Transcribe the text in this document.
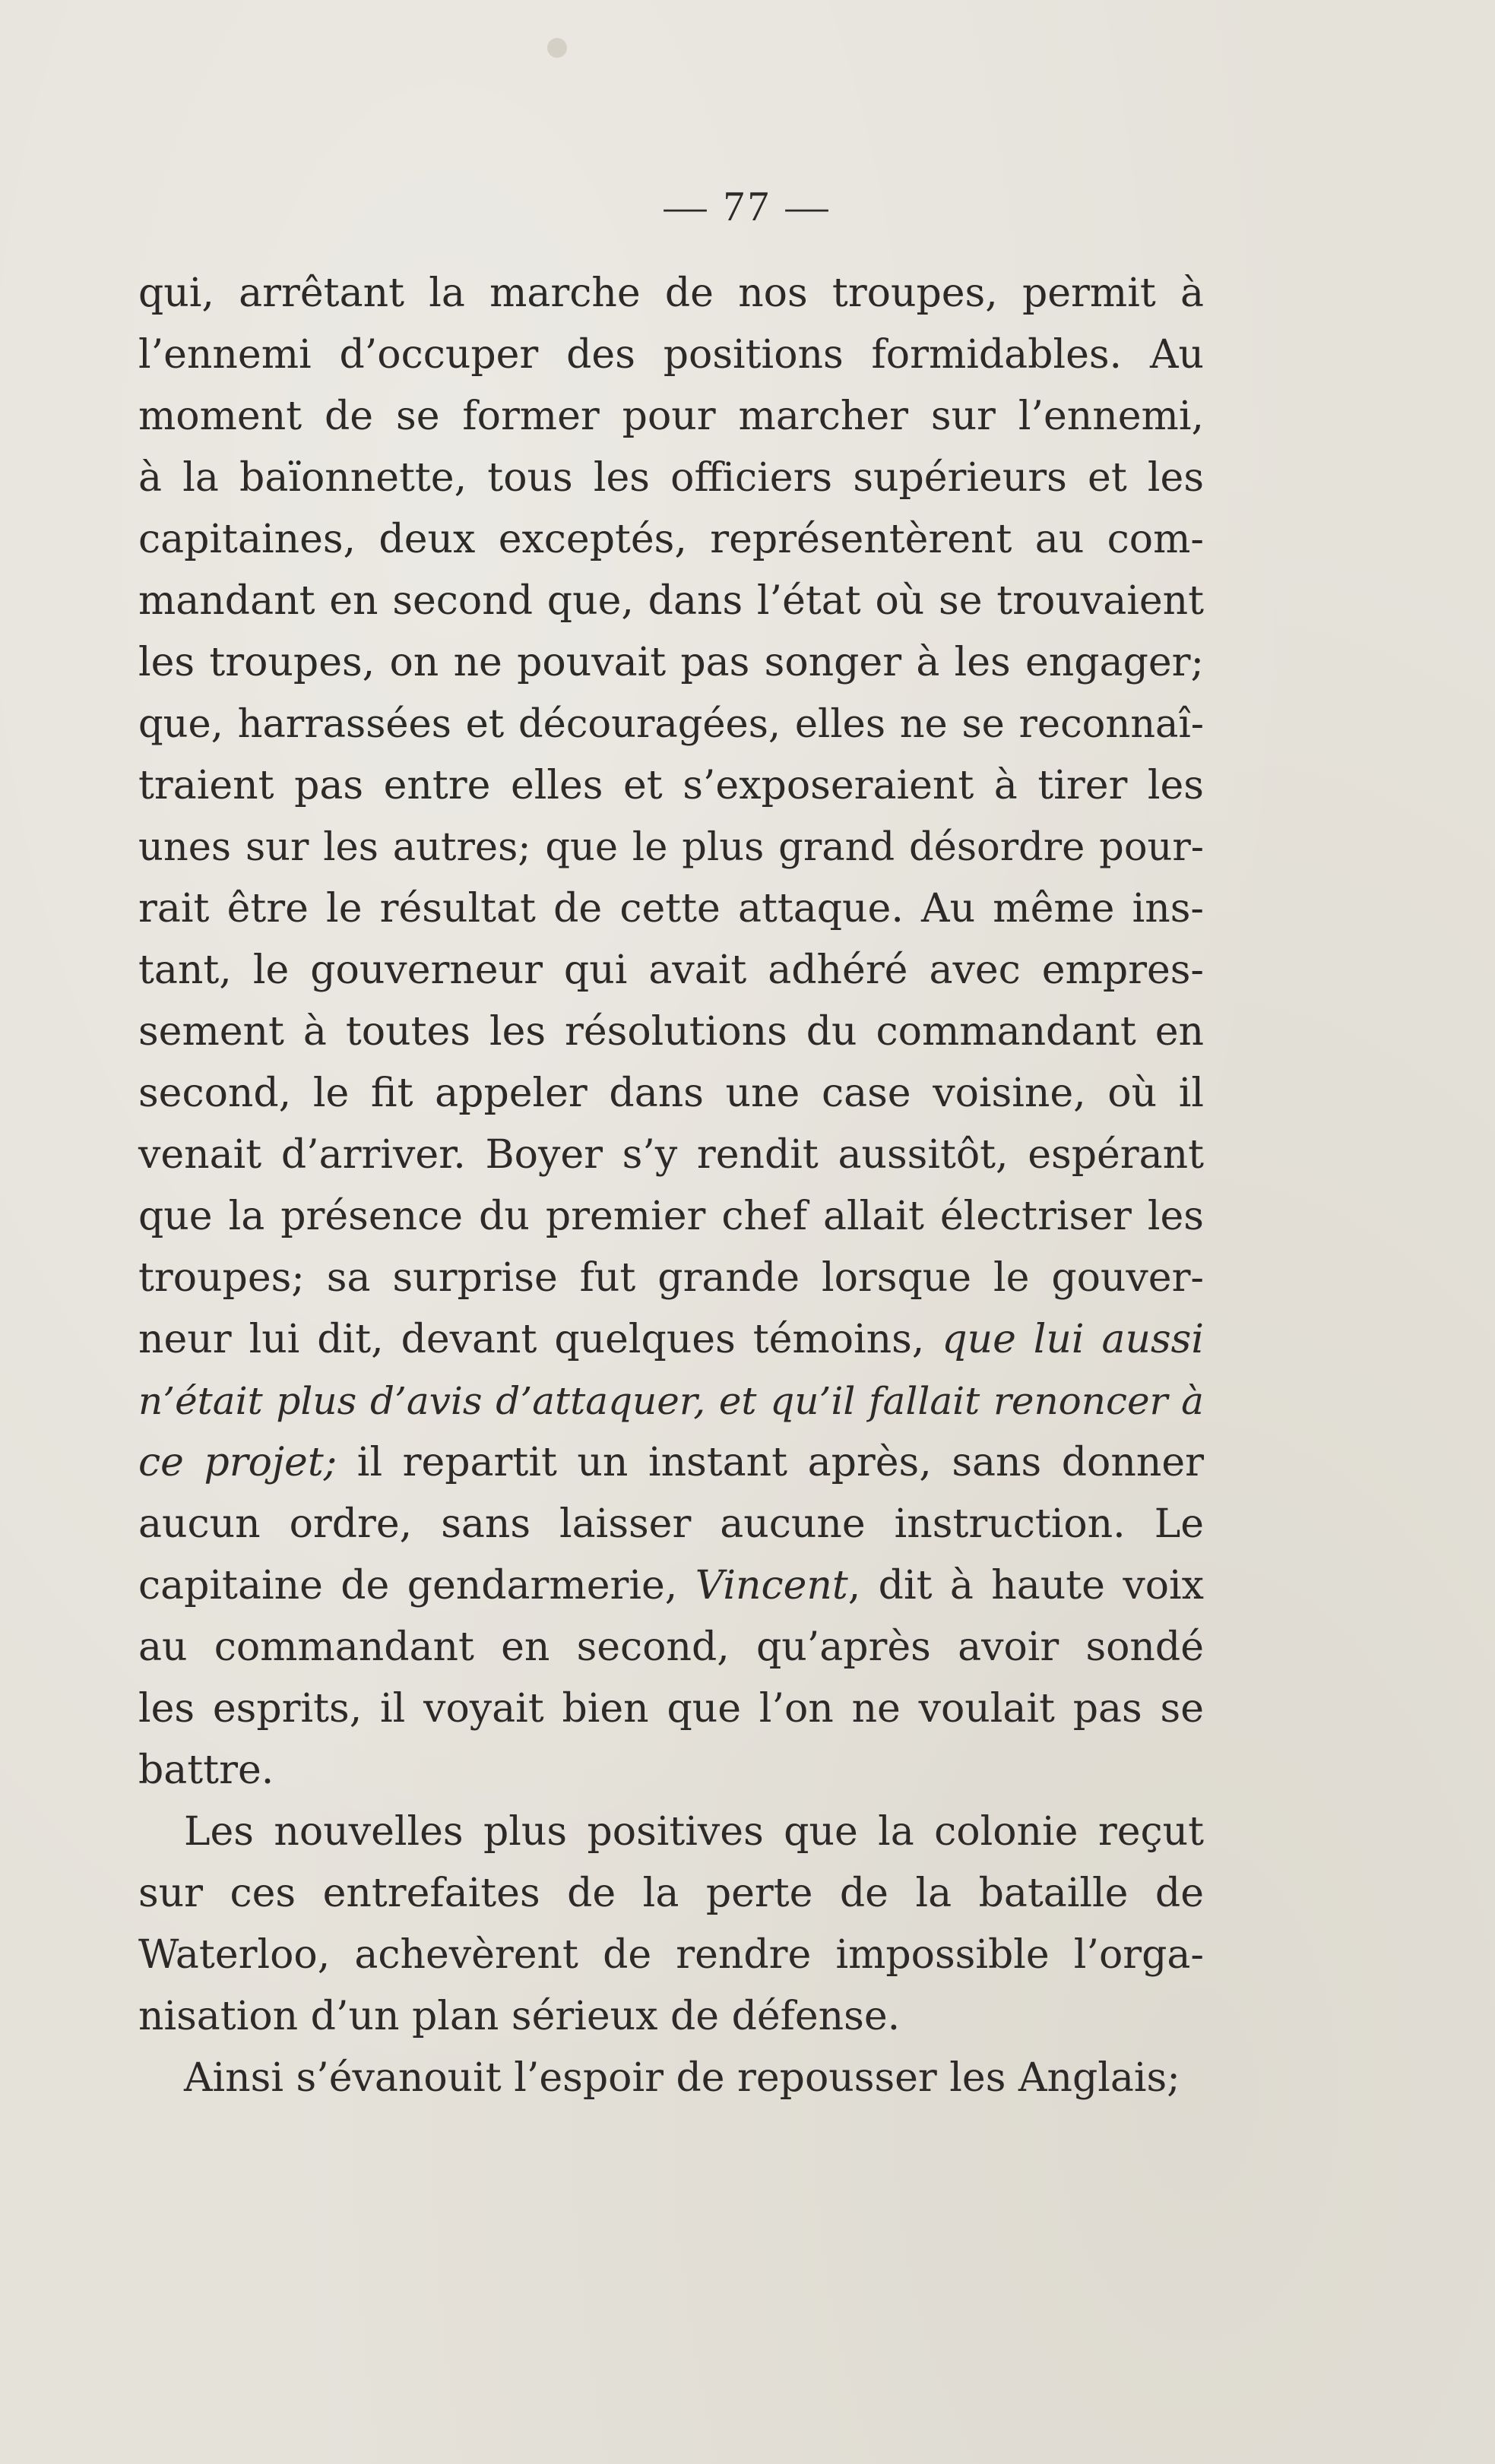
— 77 —

qui, arrêtant la marche de nos troupes, permit à
l’ennemi d’occuper des positions formidables. Au
moment de se former pour marcher sur l’ennemi,
à la baïonnette, tous les officiers supérieurs et les
capitaines, deux exceptés, représentèrent au com-
mandant en second que, dans l’état où se trouvaient
les troupes, on ne pouvait pas songer à les engager;
que, harrassées et découragées, elles ne se reconnaî-
traient pas entre elles et s’exposeraient à tirer les
unes sur les autres; que le plus grand désordre pour-
rait être le résultat de cette attaque. Au même ins-
tant, le gouverneur qui avait adhéré avec empres-
sement à toutes les résolutions du commandant en
second, le fit appeler dans une case voisine, où il
venait d’arriver. Boyer s’y rendit aussitôt, espérant
que la présence du premier chef allait électriser les
troupes; sa surprise fut grande lorsque le gouver-
neur lui dit, devant quelques témoins, que lui aussi
n’était plus d’avis d’attaquer, et qu’il fallait renoncer à
ce projet; il repartit un instant après, sans donner
aucun ordre, sans laisser aucune instruction. Le
capitaine de gendarmerie, Vincent, dit à haute voix
au commandant en second, qu’après avoir sondé
les esprits, il voyait bien que l’on ne voulait pas se
battre.

Les nouvelles plus positives que la colonie reçut
sur ces entrefaites de la perte de la bataille de
Waterloo, achevèrent de rendre impossible l’orga-
nisation d’un plan sérieux de défense.

Ainsi s’évanouit l’espoir de repousser les Anglais;
